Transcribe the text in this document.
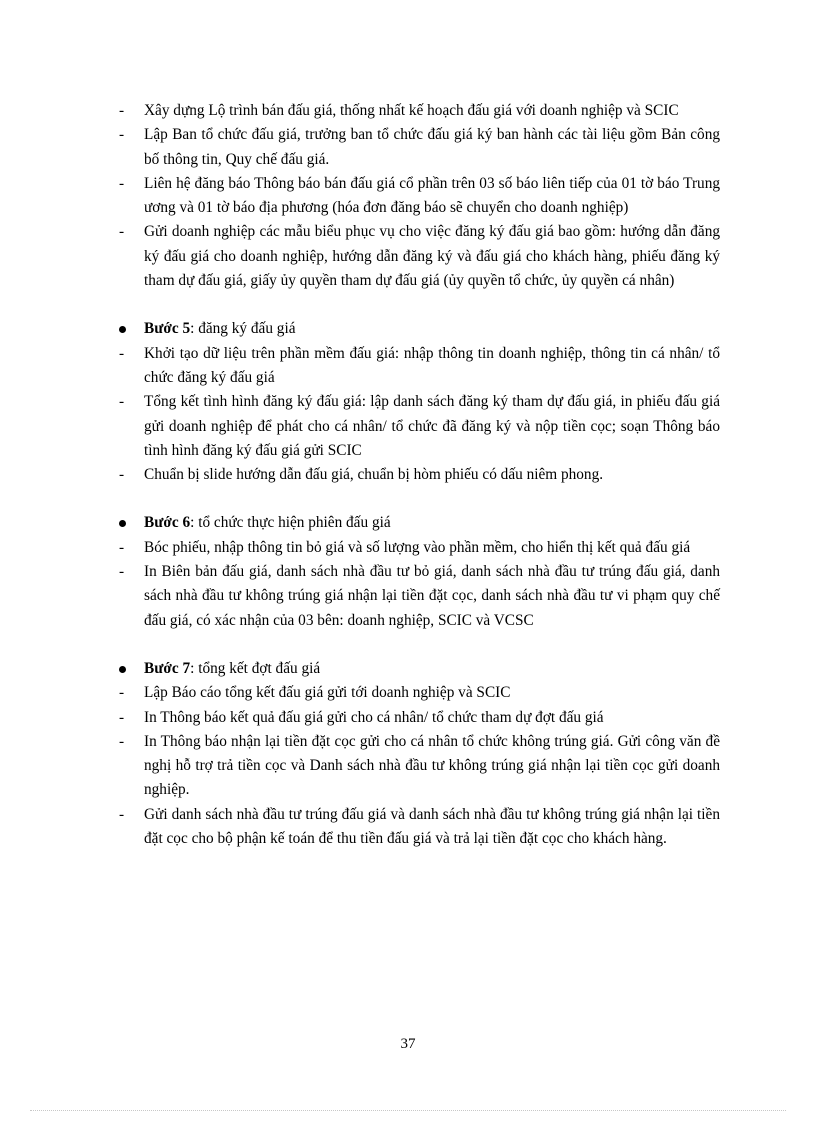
- Xây dựng Lộ trình bán đấu giá, thống nhất kế hoạch đấu giá với doanh nghiệp và SCIC
- Lập Ban tổ chức đấu giá, trưởng ban tổ chức đấu giá ký ban hành các tài liệu gồm Bản công bố thông tin, Quy chế đấu giá.
- Liên hệ đăng báo Thông báo bán đấu giá cổ phần trên 03 số báo liên tiếp của 01 tờ báo Trung ương và 01 tờ báo địa phương (hóa đơn đăng báo sẽ chuyển cho doanh nghiệp)
- Gửi doanh nghiệp các mẫu biểu phục vụ cho việc đăng ký đấu giá bao gồm: hướng dẫn đăng ký đấu giá cho doanh nghiệp, hướng dẫn đăng ký và đấu giá cho khách hàng, phiếu đăng ký tham dự đấu giá, giấy ủy quyền tham dự đấu giá (ủy quyền tổ chức, ủy quyền cá nhân)
Bước 5: đăng ký đấu giá
- Khởi tạo dữ liệu trên phần mềm đấu giá: nhập thông tin doanh nghiệp, thông tin cá nhân/ tổ chức đăng ký đấu giá
- Tổng kết tình hình đăng ký đấu giá: lập danh sách đăng ký tham dự đấu giá, in phiếu đấu giá gửi doanh nghiệp để phát cho cá nhân/ tổ chức đã đăng ký và nộp tiền cọc; soạn Thông báo tình hình đăng ký đấu giá gửi SCIC
- Chuẩn bị slide hướng dẫn đấu giá, chuẩn bị hòm phiếu có dấu niêm phong.
Bước 6: tổ chức thực hiện phiên đấu giá
- Bóc phiếu, nhập thông tin bỏ giá và số lượng vào phần mềm, cho hiển thị kết quả đấu giá
- In Biên bản đấu giá, danh sách nhà đầu tư bỏ giá, danh sách nhà đầu tư trúng đấu giá, danh sách nhà đầu tư không trúng giá nhận lại tiền đặt cọc, danh sách nhà đầu tư vi phạm quy chế đấu giá, có xác nhận của 03 bên: doanh nghiệp, SCIC và VCSC
Bước 7: tổng kết đợt đấu giá
- Lập Báo cáo tổng kết đấu giá gửi tới doanh nghiệp và SCIC
- In Thông báo kết quả đấu giá gửi cho cá nhân/ tổ chức tham dự đợt đấu giá
- In Thông báo nhận lại tiền đặt cọc gửi cho cá nhân tổ chức không trúng giá. Gửi công văn đề nghị hỗ trợ trả tiền cọc và Danh sách nhà đầu tư không trúng giá nhận lại tiền cọc gửi doanh nghiệp.
- Gửi danh sách nhà đầu tư trúng đấu giá và danh sách nhà đầu tư không trúng giá nhận lại tiền đặt cọc cho bộ phận kế toán để thu tiền đấu giá và trả lại tiền đặt cọc cho khách hàng.
37
